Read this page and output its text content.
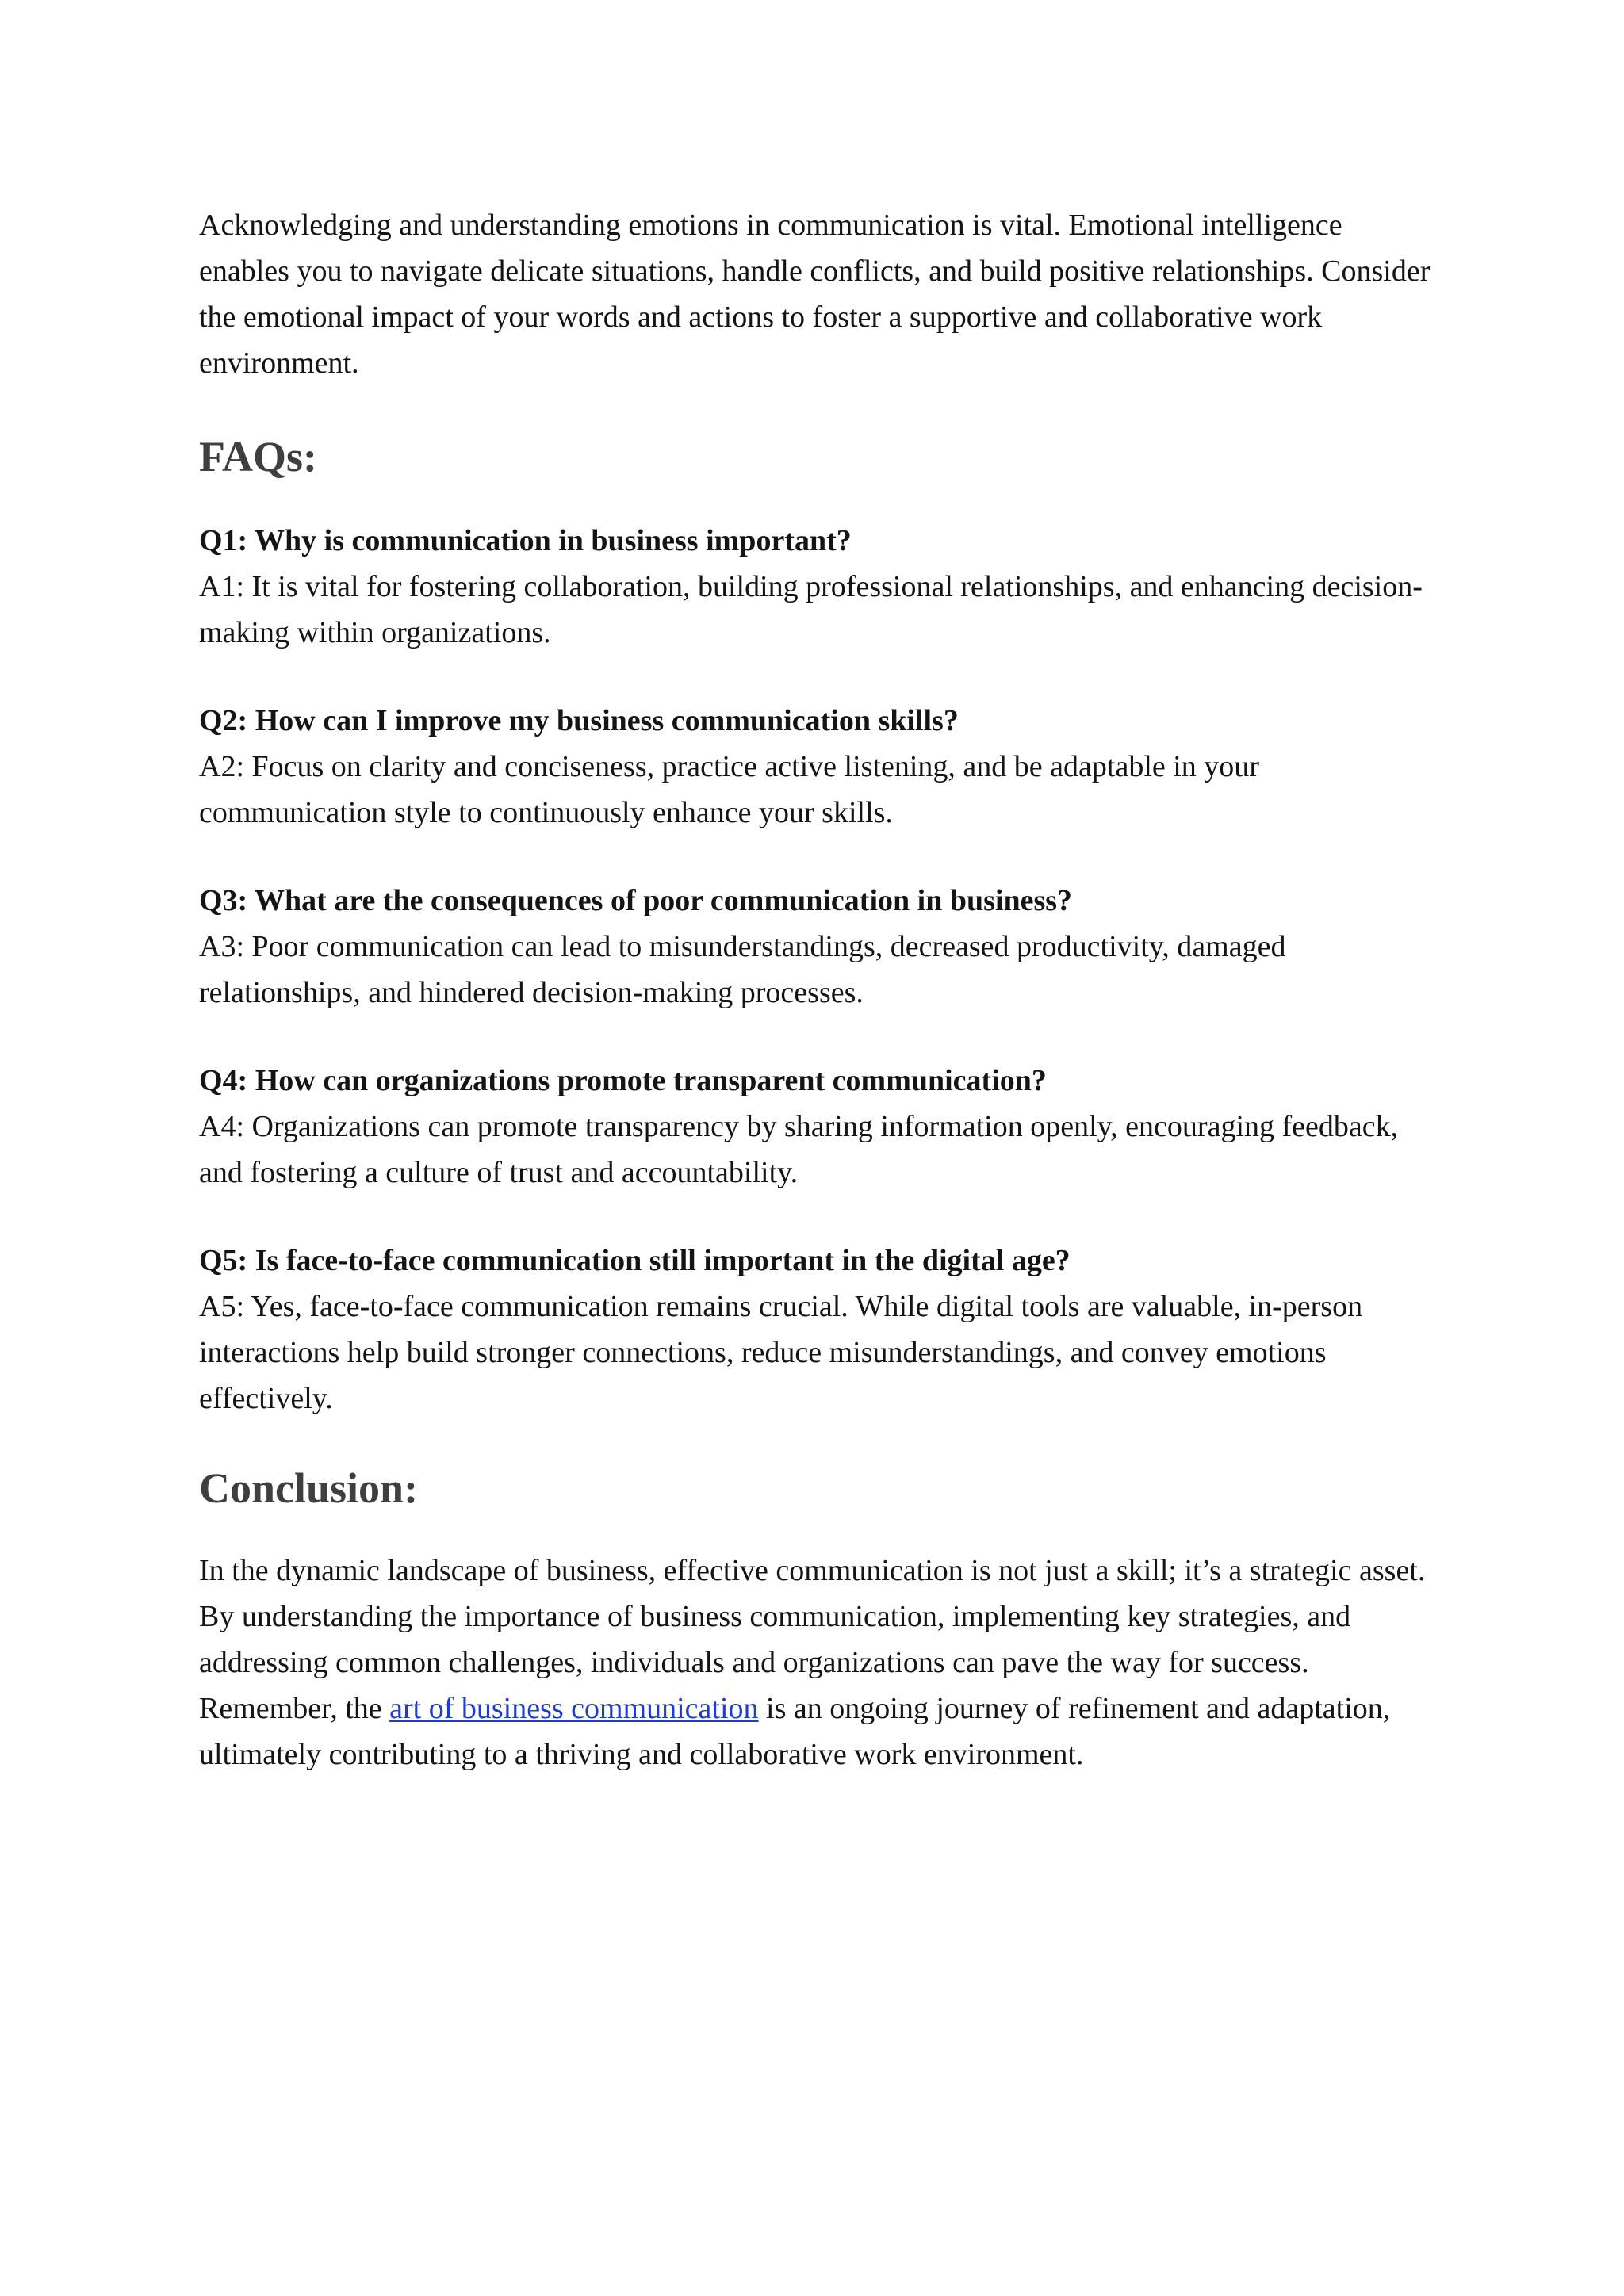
Acknowledging and understanding emotions in communication is vital. Emotional intelligence enables you to navigate delicate situations, handle conflicts, and build positive relationships. Consider the emotional impact of your words and actions to foster a supportive and collaborative work environment.

FAQs:

Q1: Why is communication in business important?

A1: It is vital for fostering collaboration, building professional relationships, and enhancing decision-making within organizations.

Q2: How can I improve my business communication skills?

A2: Focus on clarity and conciseness, practice active listening, and be adaptable in your communication style to continuously enhance your skills.

Q3: What are the consequences of poor communication in business?

A3: Poor communication can lead to misunderstandings, decreased productivity, damaged relationships, and hindered decision-making processes.

Q4: How can organizations promote transparent communication?

A4: Organizations can promote transparency by sharing information openly, encouraging feedback, and fostering a culture of trust and accountability.

Q5: Is face-to-face communication still important in the digital age?

A5: Yes, face-to-face communication remains crucial. While digital tools are valuable, in-person interactions help build stronger connections, reduce misunderstandings, and convey emotions effectively.

Conclusion:

In the dynamic landscape of business, effective communication is not just a skill; it’s a strategic asset. By understanding the importance of business communication, implementing key strategies, and addressing common challenges, individuals and organizations can pave the way for success. Remember, the art of business communication is an ongoing journey of refinement and adaptation, ultimately contributing to a thriving and collaborative work environment.
